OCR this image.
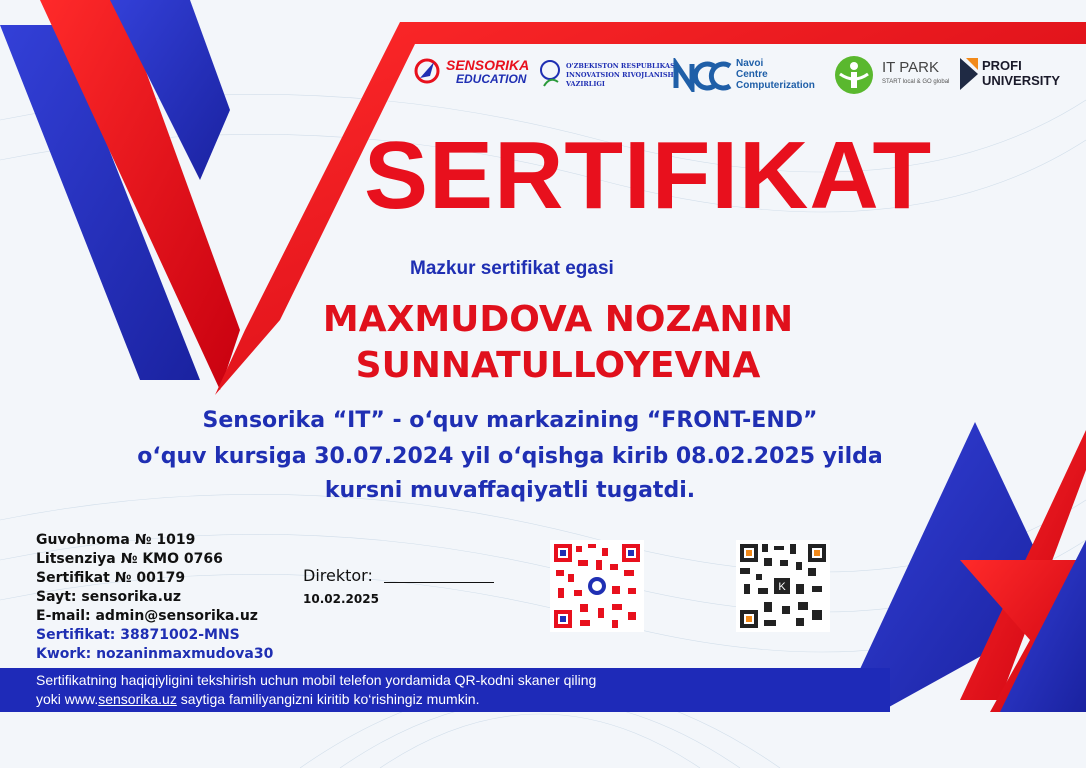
SENSORIKA
EDUCATION
O'ZBEKISTON RESPUBLIKASI
INNOVATSION RIVOJLANISH
VAZIRLIGI
Navoi
Centre
Computerization
IT PARK
START local & GO global
PROFI
UNIVERSITY
SERTIFIKAT
Mazkur sertifikat egasi
MAXMUDOVA NOZANIN
SUNNATULLOYEVNA
Sensorika “IT” - o‘quv markazining “FRONT-END”
o‘quv kursiga 30.07.2024 yil o‘qishga kirib 08.02.2025 yilda
kursni muvaffaqiyatli tugatdi.
Guvohnoma № 1019
Litsenziya № KMO 0766
Sertifikat № 00179
Sayt: sensorika.uz
E-mail: admin@sensorika.uz
Sertifikat: 38871002-MNS
Kwork: nozaninmaxmudova30
Direktor:
10.02.2025
K
Sertifikatning haqiqiyligini tekshirish uchun mobil telefon yordamida QR-kodni skaner qiling
yoki www.sensorika.uz saytiga familiyangizni kiritib ko‘rishingiz mumkin.
